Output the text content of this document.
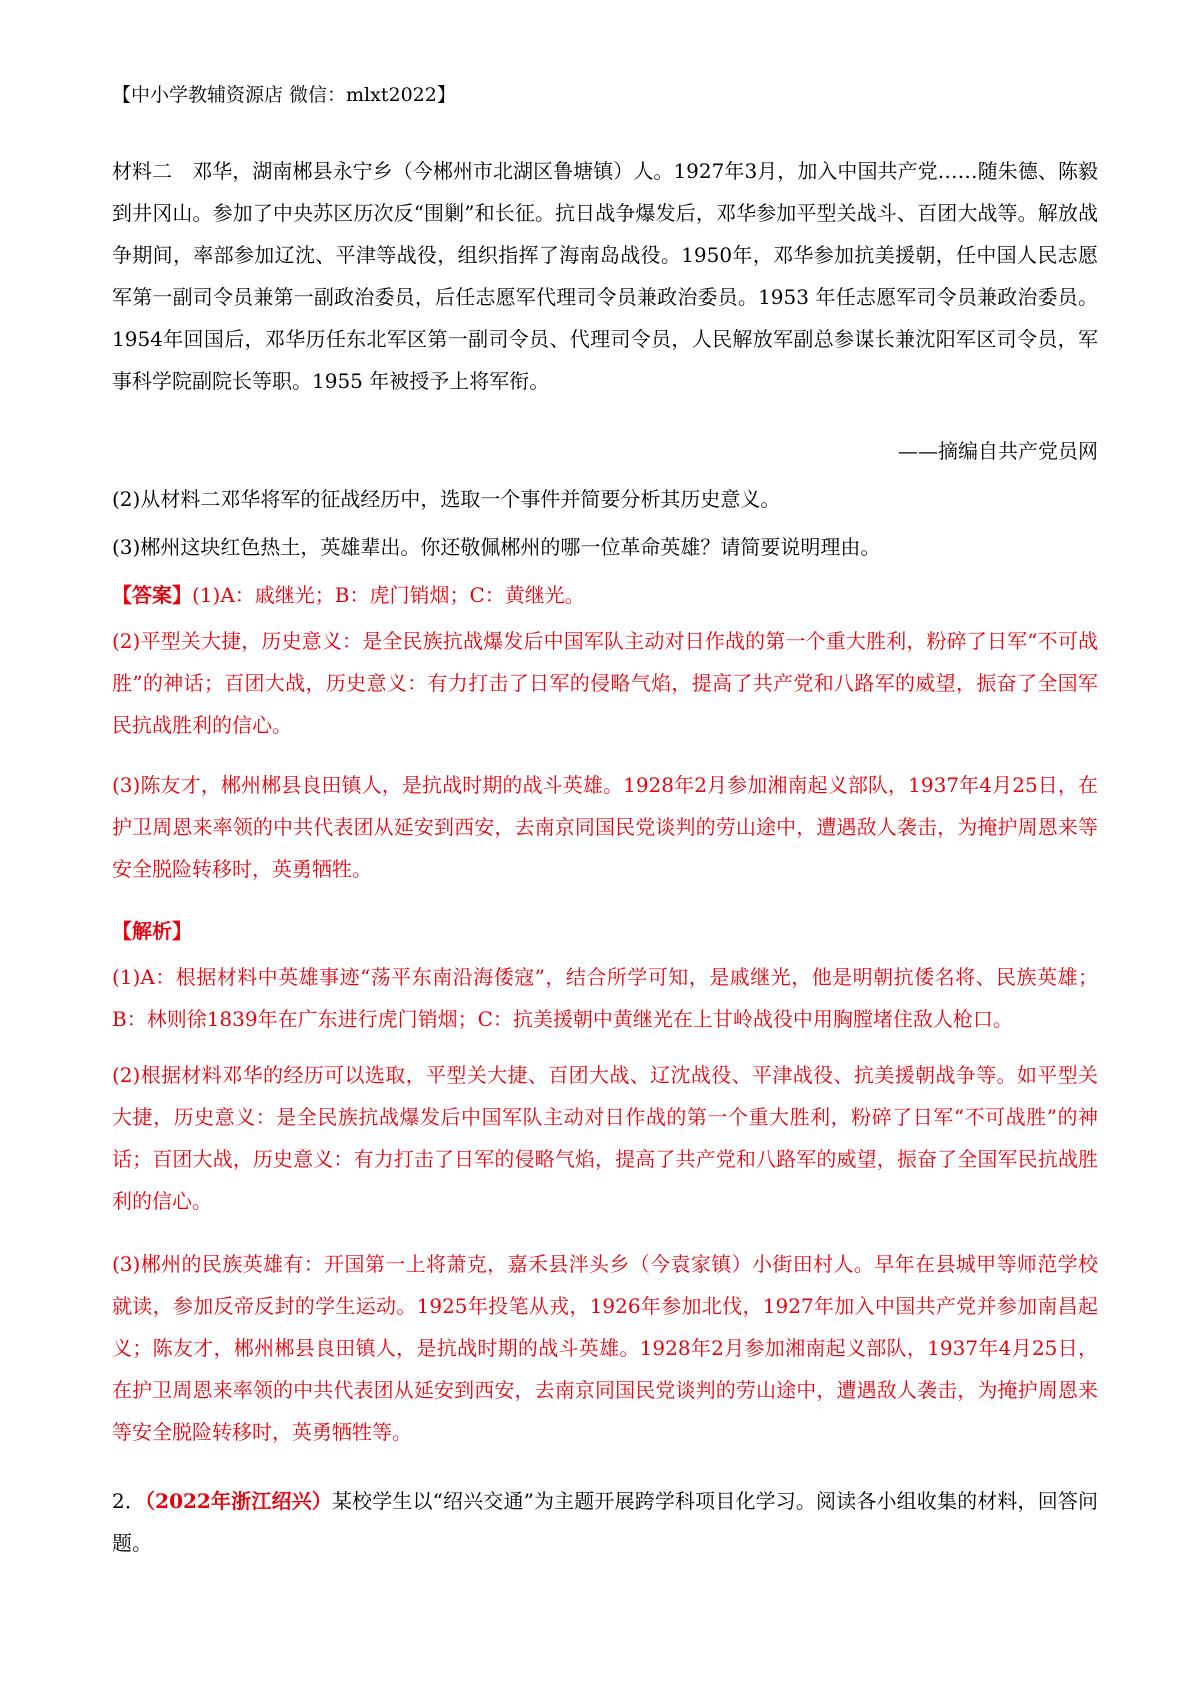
【中小学教辅资源店 微信：mlxt2022】

材料二　邓华，湖南郴县永宁乡（今郴州市北湖区鲁塘镇）人。1927年3月，加入中国共产党……随朱德、陈毅到井冈山。参加了中央苏区历次反“围剿”和长征。抗日战争爆发后，邓华参加平型关战斗、百团大战等。解放战争期间，率部参加辽沈、平津等战役，组织指挥了海南岛战役。1950年，邓华参加抗美援朝，任中国人民志愿军第一副司令员兼第一副政治委员，后任志愿军代理司令员兼政治委员。1953 年任志愿军司令员兼政治委员。1954年回国后，邓华历任东北军区第一副司令员、代理司令员，人民解放军副总参谋长兼沈阳军区司令员，军事科学院副院长等职。1955 年被授予上将军衔。

——摘编自共产党员网

(2)从材料二邓华将军的征战经历中，选取一个事件并简要分析其历史意义。

(3)郴州这块红色热土，英雄辈出。你还敬佩郴州的哪一位革命英雄？请简要说明理由。

【答案】(1)A：戚继光；B：虎门销烟；C：黄继光。

(2)平型关大捷，历史意义：是全民族抗战爆发后中国军队主动对日作战的第一个重大胜利，粉碎了日军“不可战胜”的神话；百团大战，历史意义：有力打击了日军的侵略气焰，提高了共产党和八路军的威望，振奋了全国军民抗战胜利的信心。

(3)陈友才，郴州郴县良田镇人，是抗战时期的战斗英雄。1928年2月参加湘南起义部队，1937年4月25日，在护卫周恩来率领的中共代表团从延安到西安，去南京同国民党谈判的劳山途中，遭遇敌人袭击，为掩护周恩来等安全脱险转移时，英勇牺牲。

【解析】

(1)A：根据材料中英雄事迹“荡平东南沿海倭寇”，结合所学可知，是戚继光，他是明朝抗倭名将、民族英雄；B：林则徐1839年在广东进行虎门销烟；C：抗美援朝中黄继光在上甘岭战役中用胸膛堵住敌人枪口。

(2)根据材料邓华的经历可以选取，平型关大捷、百团大战、辽沈战役、平津战役、抗美援朝战争等。如平型关大捷，历史意义：是全民族抗战爆发后中国军队主动对日作战的第一个重大胜利，粉碎了日军“不可战胜”的神话；百团大战，历史意义：有力打击了日军的侵略气焰，提高了共产党和八路军的威望，振奋了全国军民抗战胜利的信心。

(3)郴州的民族英雄有：开国第一上将萧克，嘉禾县泮头乡（今袁家镇）小街田村人。早年在县城甲等师范学校就读，参加反帝反封的学生运动。1925年投笔从戎，1926年参加北伐，1927年加入中国共产党并参加南昌起义；陈友才，郴州郴县良田镇人，是抗战时期的战斗英雄。1928年2月参加湘南起义部队，1937年4月25日，在护卫周恩来率领的中共代表团从延安到西安，去南京同国民党谈判的劳山途中，遭遇敌人袭击，为掩护周恩来等安全脱险转移时，英勇牺牲等。

2．（2022年浙江绍兴）某校学生以“绍兴交通”为主题开展跨学科项目化学习。阅读各小组收集的材料，回答问题。
